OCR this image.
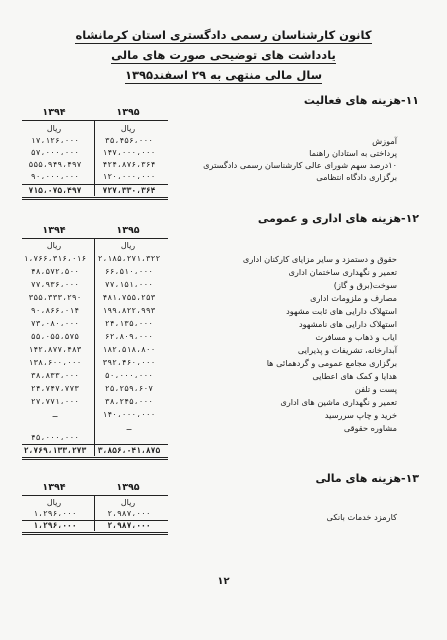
کانون کارشناسان رسمی دادگستری استان کرمانشاه
یادداشت های توضیحی صورت های مالی
سال مالی منتهی به ۲۹ اسفند۱۳۹۵
۱۱-هزینه های فعالیت
۱۳۹۵
۱۳۹۴
ریال
ریال
آموزش
۳۵،۴۵۶،۰۰۰
۱۷،۱۲۶،۰۰۰
پرداختی به استادان راهنما
۱۴۷،۰۰۰،۰۰۰
۵۷،۰۰۰،۰۰۰
۱۰درصد سهم شورای عالی کارشناسان رسمی دادگستری
۴۲۴،۸۷۶،۳۶۴
۵۵۵،۹۴۹،۴۹۷
برگزاری دادگاه انتظامی
۱۲۰،۰۰۰،۰۰۰
۹۰،۰۰۰،۰۰۰
۷۲۷،۳۳۰،۳۶۴
۷۱۵،۰۷۵،۴۹۷
۱۲-هزینه های اداری و عمومی
۱۳۹۵
۱۳۹۴
ریال
ریال
حقوق و دستمزد و سایر مزایای کارکنان اداری
۲،۱۸۵،۲۷۱،۳۲۲
۱،۷۶۶،۳۱۶،۰۱۶
تعمیر و نگهداری ساختمان اداری
۶۶،۵۱۰،۰۰۰
۴۸،۵۷۲،۵۰۰
سوخت(برق و گاز)
۷۷،۱۵۱،۰۰۰
۷۷،۹۳۶،۰۰۰
مصارف و ملزومات اداری
۴۸۱،۷۵۵،۲۵۳
۳۵۵،۳۳۳،۲۹۰
استهلاک دارایی های ثابت مشهود
۱۹۹،۸۲۲،۹۹۳
۹۰،۸۶۶،۰۱۴
استهلاک دارایی های نامشهود
۲۴،۱۳۵،۰۰۰
۷۳،۰۸۰،۰۰۰
ایاب و ذهاب و مسافرت
۶۲،۸۰۹،۰۰۰
۵۵،۰۵۵،۵۷۵
آبدارخانه، تشریفات و پذیرایی
۱۸۲،۵۱۸،۸۰۰
۱۴۲،۸۷۷،۴۸۳
برگزاری مجامع عمومی و گردهمائی ها
۳۹۲،۴۶۰،۰۰۰
۱۳۸،۶۰۰،۰۰۰
هدایا و کمک های اعطایی
۵۰،۰۰۰،۰۰۰
۳۸،۸۳۳،۰۰۰
پست و تلفن
۲۵،۲۵۹،۶۰۷
۲۴،۷۴۷،۷۷۳
تعمیر و نگهداری ماشین های اداری
۳۸،۲۴۵،۰۰۰
۲۷،۷۷۱،۰۰۰
خرید و چاپ سررسید
۱۴۰،۰۰۰،۰۰۰
ـ
مشاوره حقوقی
ـ
۴۵،۰۰۰،۰۰۰
۳،۸۵۶،۰۴۱،۸۷۵
۲،۷۶۹،۱۳۳،۲۷۳
۱۳-هزینه های مالی
۱۳۹۵
۱۳۹۴
ریال
ریال
کارمزد خدمات بانکی
۲،۹۸۷،۰۰۰
۱،۲۹۶،۰۰۰
۲،۹۸۷،۰۰۰
۱،۲۹۶،۰۰۰
۱۲
